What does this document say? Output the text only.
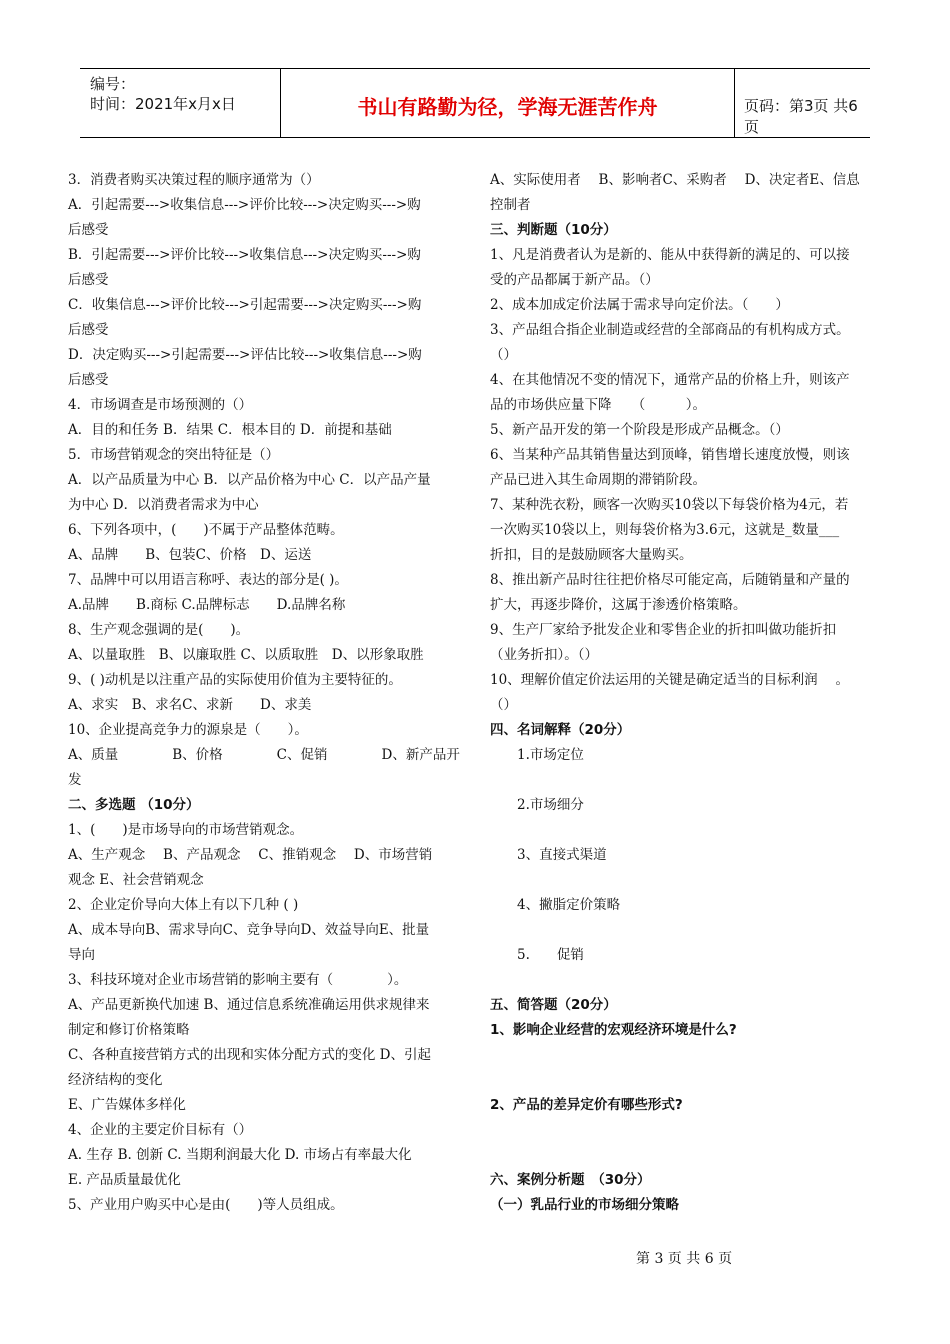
编号：
时间：2021年x月x日	书山有路勤为径，学海无涯苦作舟	页码：第3页 共6页
3．消费者购买决策过程的顺序通常为（）
A．引起需要--->收集信息--->评价比较--->决定购买--->购
后感受
B．引起需要--->评价比较--->收集信息--->决定购买--->购
后感受
C．收集信息--->评价比较--->引起需要--->决定购买--->购
后感受
D．决定购买--->引起需要--->评估比较--->收集信息--->购
后感受
4．市场调查是市场预测的（）
A．目的和任务 B．结果 C．根本目的 D．前提和基础
5．市场营销观念的突出特征是（）
A．以产品质量为中心 B．以产品价格为中心 C．以产品产量
为中心 D．以消费者需求为中心
6、下列各项中，(　　)不属于产品整体范畴。
A、品牌　　B、包装C、价格　D、运送
7、品牌中可以用语言称呼、表达的部分是( )。
A.品牌　　B.商标 C.品牌标志　　D.品牌名称
8、生产观念强调的是(　　)。
A、以量取胜　B、以廉取胜 C、以质取胜　D、以形象取胜
9、( )动机是以注重产品的实际使用价值为主要特征的。
A、求实　B、求名C、求新　　D、求美
10、企业提高竞争力的源泉是（　　）。
A、质量　　　　B、价格　　　　C、促销　　　　D、新产品开
发
二、多选题 （10分）
1、(　　)是市场导向的市场营销观念。
A、生产观念　 B、产品观念　 C、推销观念　 D、市场营销
观念 E、社会营销观念
2、企业定价导向大体上有以下几种 ( )
A、成本导向B、需求导向C、竞争导向D、效益导向E、批量
导向
3、科技环境对企业市场营销的影响主要有（　　　　）。
A、产品更新换代加速 B、通过信息系统准确运用供求规律来
制定和修订价格策略
C、各种直接营销方式的出现和实体分配方式的变化 D、引起
经济结构的变化
E、广告媒体多样化
4、企业的主要定价目标有（）
A. 生存 B. 创新 C. 当期利润最大化 D. 市场占有率最大化
E. 产品质量最优化
5、产业用户购买中心是由(　　)等人员组成。
A、实际使用者　 B、影响者C、采购者　 D、决定者E、信息
控制者
三、判断题（10分）
1、凡是消费者认为是新的、能从中获得新的满足的、可以接
受的产品都属于新产品。（）
2、成本加成定价法属于需求导向定价法。（　　）
3、产品组合指企业制造或经营的全部商品的有机构成方式。
（）
4、在其他情况不变的情况下，通常产品的价格上升，则该产
品的市场供应量下降　　（　　　）。
5、新产品开发的第一个阶段是形成产品概念。（）
6、当某种产品其销售量达到顶峰，销售增长速度放慢，则该
产品已进入其生命周期的滞销阶段。
7、某种洗衣粉，顾客一次购买10袋以下每袋价格为4元，若
一次购买10袋以上，则每袋价格为3.6元，这就是_数量___
折扣，目的是鼓励顾客大量购买。
8、推出新产品时往往把价格尽可能定高，后随销量和产量的
扩大，再逐步降价，这属于渗透价格策略。
9、生产厂家给予批发企业和零售企业的折扣叫做功能折扣
（业务折扣）。（）
10、理解价值定价法运用的关键是确定适当的目标利润　 。
（）
四、名词解释（20分）
　　1.市场定位

　　2.市场细分

　　3、直接式渠道

　　4、撇脂定价策略

　　5.　　促销

五、简答题（20分）
1、影响企业经营的宏观经济环境是什么?

2、产品的差异定价有哪些形式?

六、案例分析题　（30分）
（一）乳品行业的市场细分策略
第 3 页 共 6 页
